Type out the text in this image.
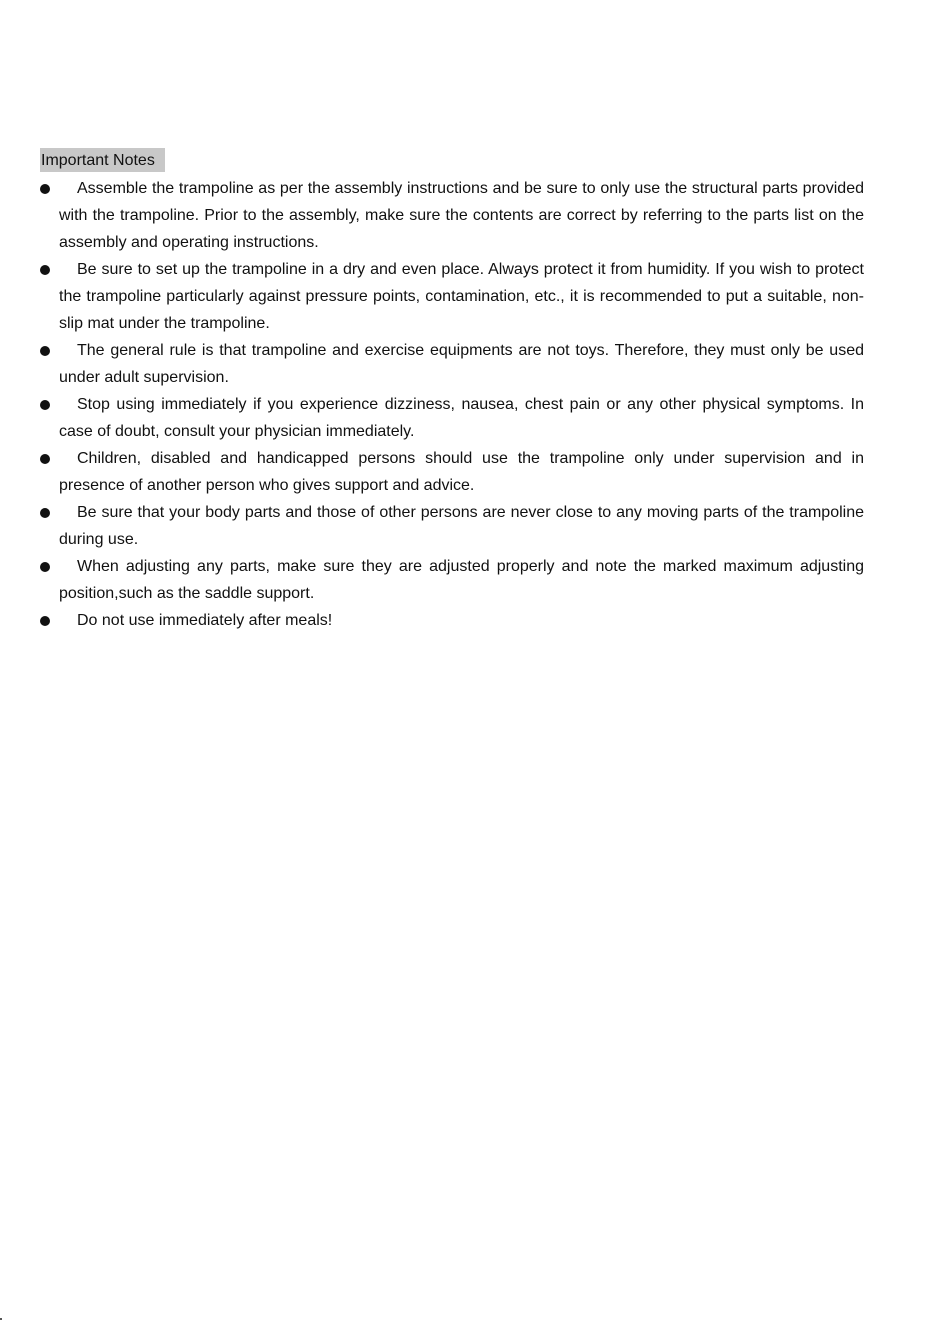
Important Notes
Assemble the trampoline as per the assembly instructions and be sure to only use the structural parts provided with the trampoline. Prior to the assembly, make sure the contents are correct by referring to the parts list on the assembly and operating instructions.
Be sure to set up the trampoline in a dry and even place. Always protect it from humidity. If you wish to protect the trampoline particularly against pressure points, contamination, etc., it is recommended to put a suitable, non-slip mat under the trampoline.
The general rule is that trampoline and exercise equipments are not toys. Therefore, they must only be used under adult supervision.
Stop using immediately if you experience dizziness, nausea, chest pain or any other physical symptoms. In case of doubt, consult your physician immediately.
Children, disabled and handicapped persons should use the trampoline only under supervision and in presence of another person who gives support and advice.
Be sure that your body parts and those of other persons are never close to any moving parts of the trampoline during use.
When adjusting any parts, make sure they are adjusted properly and note the marked maximum adjusting position,such as the saddle support.
Do not use immediately after meals!
